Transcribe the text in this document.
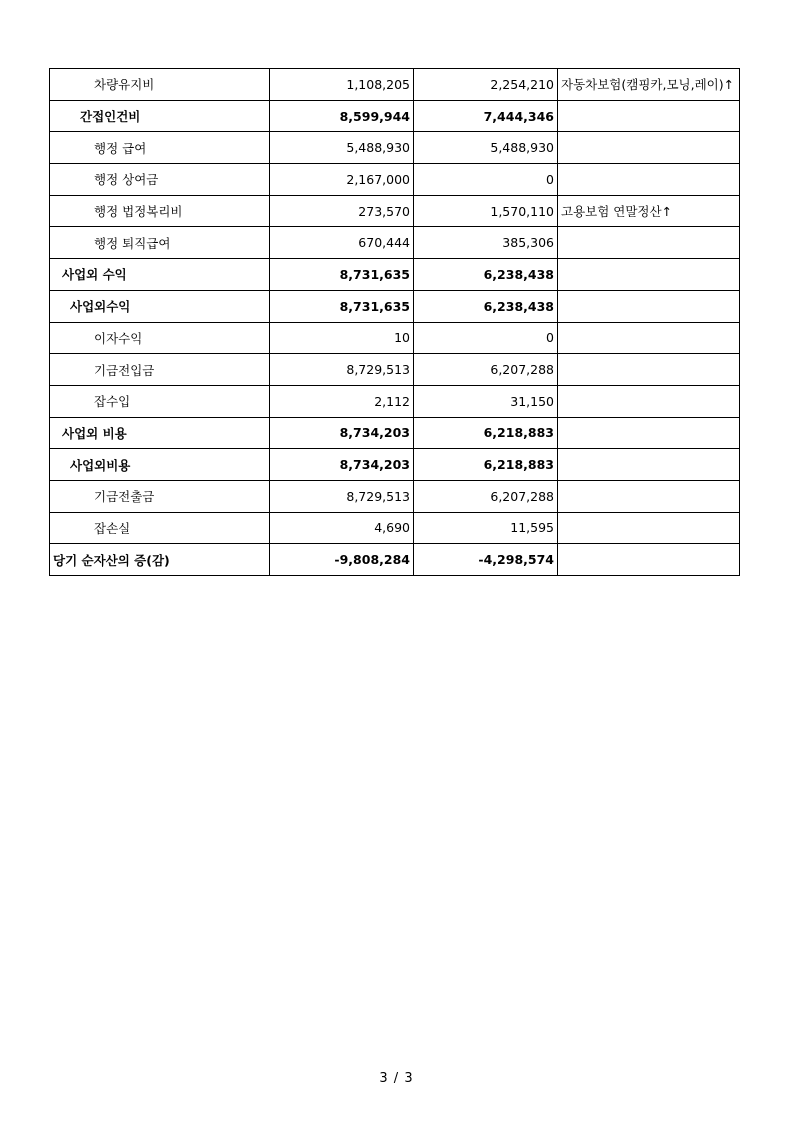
차량유지비	1,108,205	2,254,210	자동차보험(캠핑카,모닝,레이)↑
간접인건비	8,599,944	7,444,346	
행정 급여	5,488,930	5,488,930	
행정 상여금	2,167,000	0	
행정 법정복리비	273,570	1,570,110	고용보험 연말정산↑
행정 퇴직급여	670,444	385,306	
사업외 수익	8,731,635	6,238,438	
사업외수익	8,731,635	6,238,438	
이자수익	10	0	
기금전입금	8,729,513	6,207,288	
잡수입	2,112	31,150	
사업외 비용	8,734,203	6,218,883	
사업외비용	8,734,203	6,218,883	
기금전출금	8,729,513	6,207,288	
잡손실	4,690	11,595	
당기 순자산의 증(감)	-9,808,284	-4,298,574	
3 / 3
